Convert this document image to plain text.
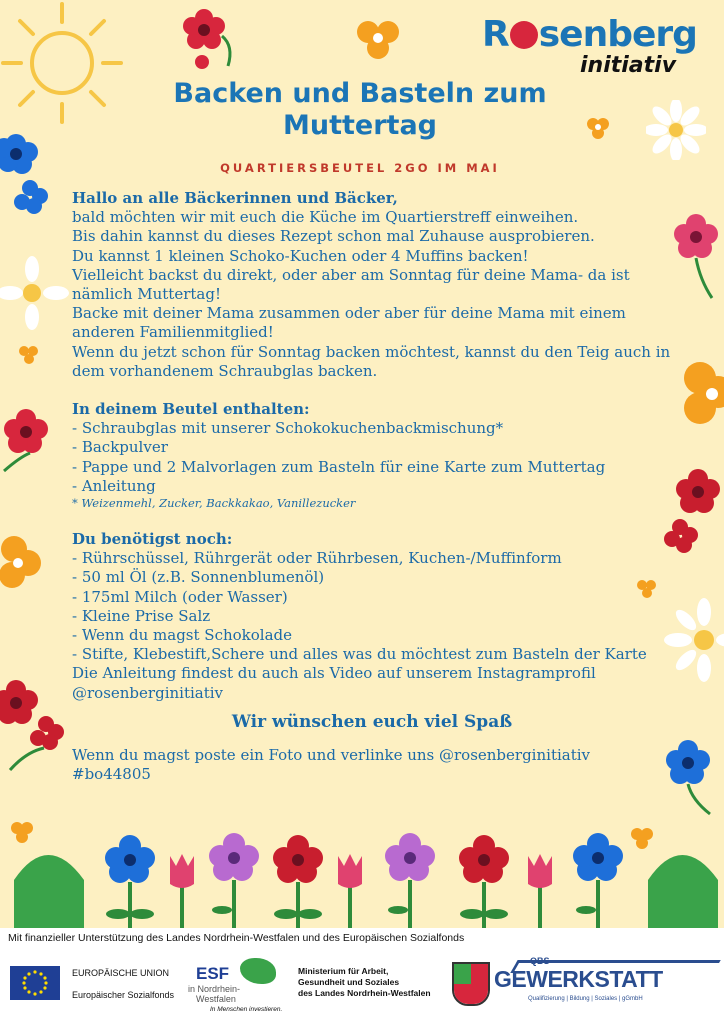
R senberg
initiativ
Backen und Basteln zum Muttertag
QUARTIERSBEUTEL 2GO IM MAI

Hallo an alle Bäckerinnen und Bäcker,

bald möchten wir mit euch die Küche im Quartierstreff einweihen.

Bis dahin kannst du dieses Rezept schon mal Zuhause ausprobieren.

Du kannst 1 kleinen Schoko-Kuchen oder 4 Muffins backen!

Vielleicht backst du direkt, oder aber am Sonntag für deine Mama- da ist nämlich Muttertag!

Backe mit deiner Mama zusammen oder aber für deine Mama mit einem anderen Familienmitglied!

Wenn du jetzt schon für Sonntag backen möchtest, kannst du den Teig auch in dem vorhandenem Schraubglas backen.

In deinem Beutel enthalten:

- Schraubglas mit unserer Schokokuchenbackmischung*

- Backpulver

- Pappe und 2 Malvorlagen zum Basteln für eine Karte zum Muttertag

- Anleitung

* Weizenmehl, Zucker, Backkakao, Vanillezucker

Du benötigst noch:

- Rührschüssel, Rührgerät oder Rührbesen, Kuchen-/Muffinform

- 50 ml Öl (z.B. Sonnenblumenöl)

- 175ml Milch (oder Wasser)

- Kleine Prise Salz

- Wenn du magst Schokolade

- Stifte, Klebestift,Schere und alles was du möchtest zum Basteln der Karte

Die Anleitung findest du auch als Video auf unserem Instagramprofil @rosenberginitiativ

Wir wünschen euch viel Spaß

Wenn du magst poste ein Foto und verlinke uns @rosenberginitiativ #bo44805

Mit finanzieller Unterstützung des Landes Nordrhein-Westfalen und des Europäischen Sozialfonds
EUROPÄISCHE UNION
Europäischer Sozialfonds
ESF
in Nordrhein-
Westfalen
In Menschen investieren.
Ministerium für Arbeit,
Gesundheit und Soziales
des Landes Nordrhein-Westfalen
QBS
GEWERKSTATT
Qualifizierung | Bildung | Soziales | gGmbH
